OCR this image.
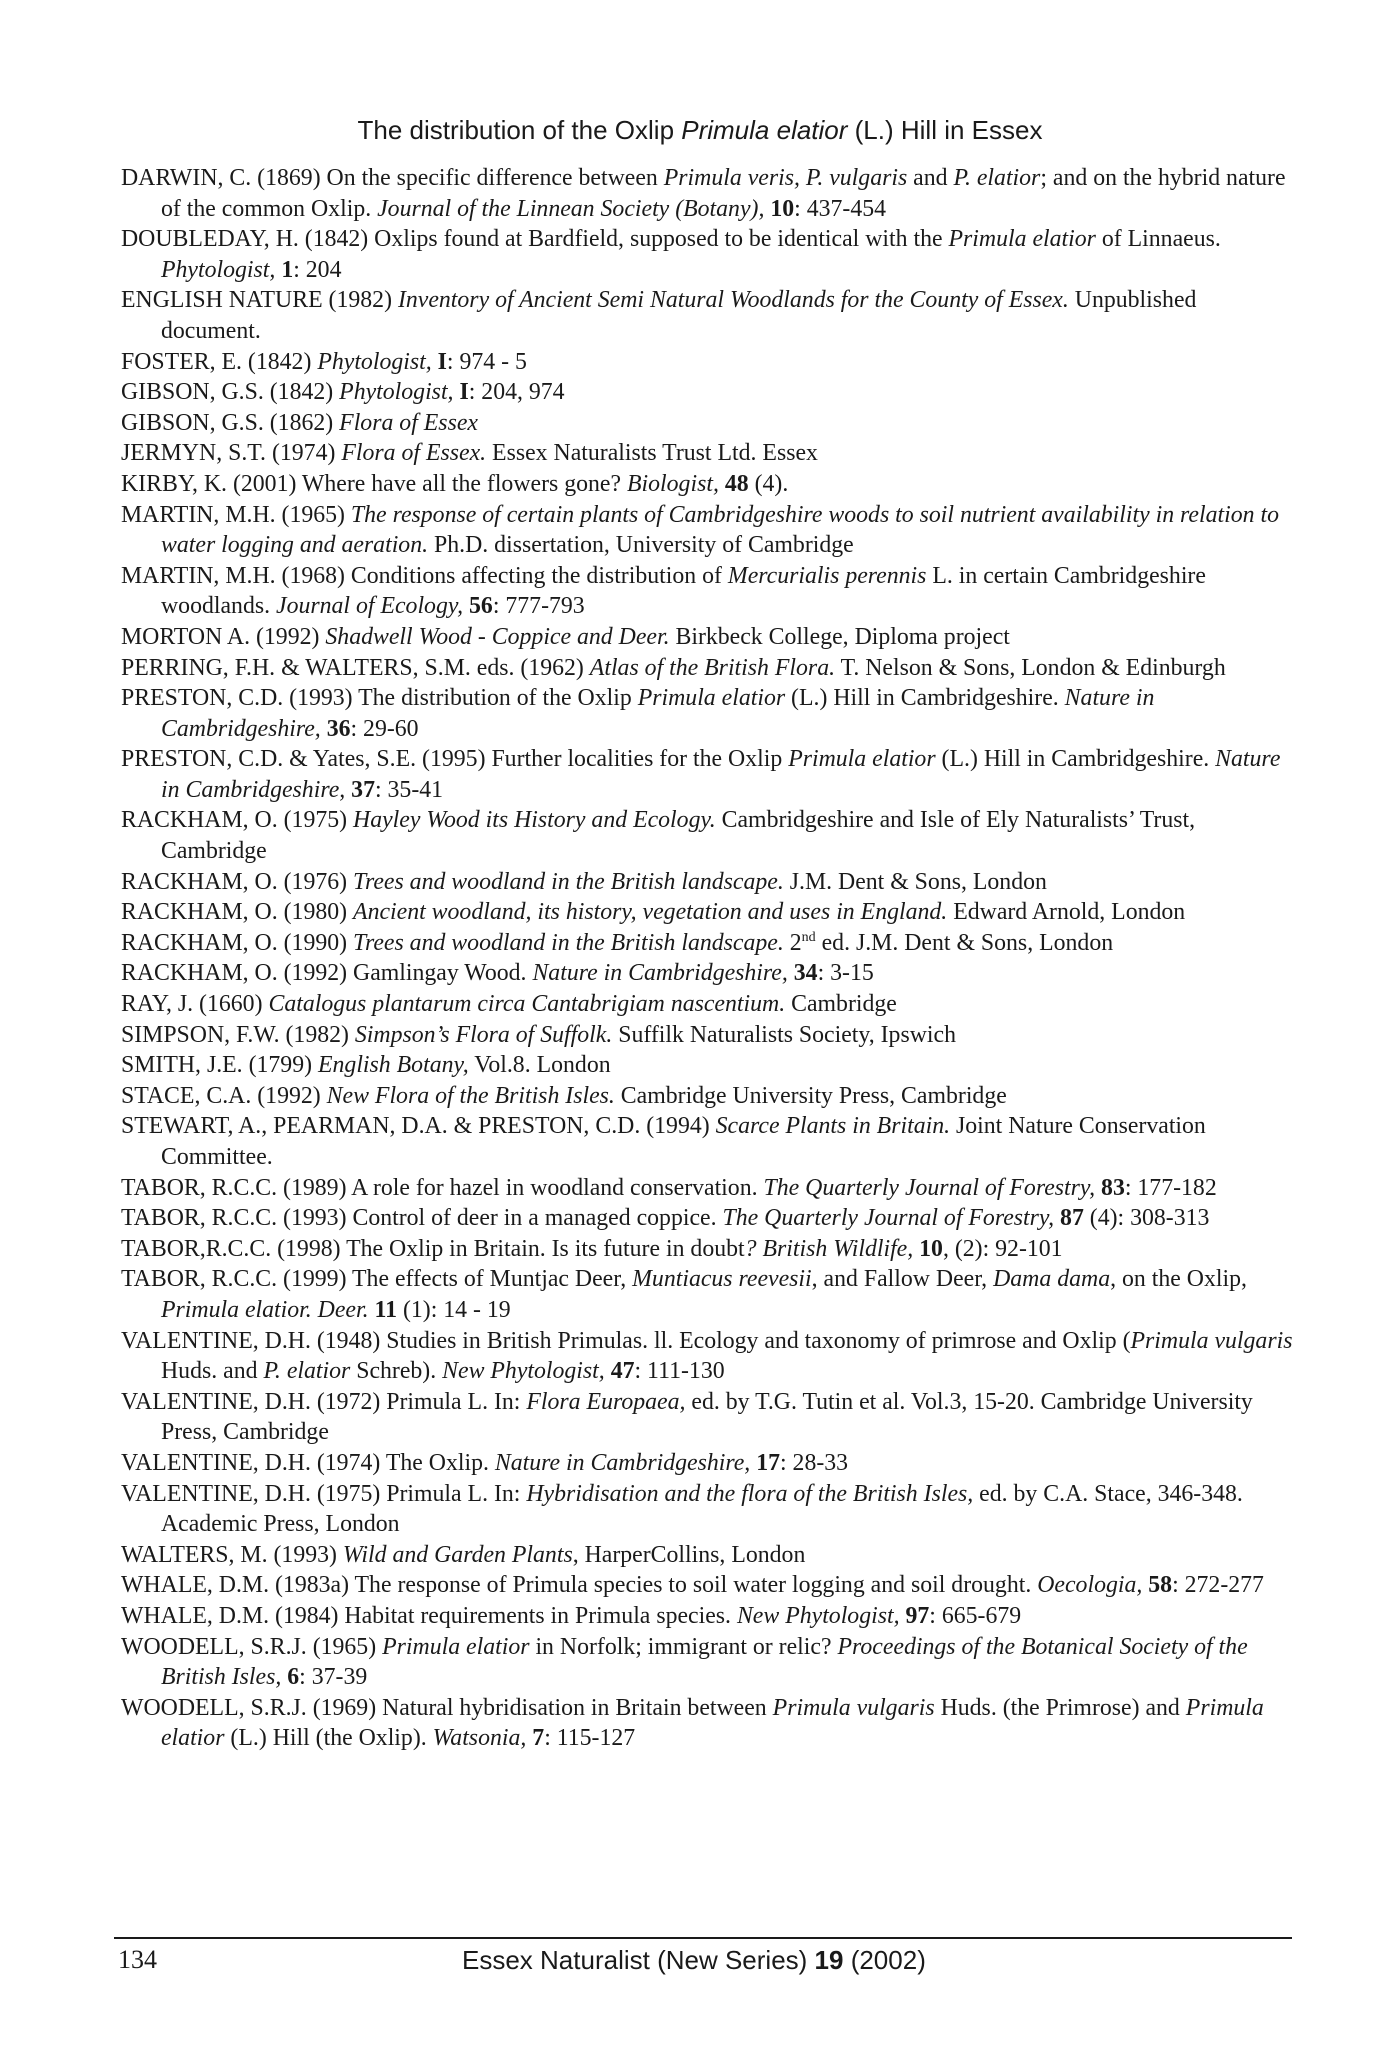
The distribution of the Oxlip Primula elatior (L.) Hill in Essex

DARWIN, C. (1869) On the specific difference between Primula veris, P. vulgaris and P. elatior; and on the hybrid nature of the common Oxlip. Journal of the Linnean Society (Botany), 10: 437-454

DOUBLEDAY, H. (1842) Oxlips found at Bardfield, supposed to be identical with the Primula elatior of Linnaeus. Phytologist, 1: 204

ENGLISH NATURE (1982) Inventory of Ancient Semi Natural Woodlands for the County of Essex. Unpublished document.

FOSTER, E. (1842) Phytologist, I: 974 - 5

GIBSON, G.S. (1842) Phytologist, I: 204, 974

GIBSON, G.S. (1862) Flora of Essex

JERMYN, S.T. (1974) Flora of Essex. Essex Naturalists Trust Ltd. Essex

KIRBY, K. (2001) Where have all the flowers gone? Biologist, 48 (4).

MARTIN, M.H. (1965) The response of certain plants of Cambridgeshire woods to soil nutrient availability in relation to water logging and aeration. Ph.D. dissertation, University of Cambridge

MARTIN, M.H. (1968) Conditions affecting the distribution of Mercurialis perennis L. in certain Cambridgeshire woodlands. Journal of Ecology, 56: 777-793

MORTON A. (1992) Shadwell Wood - Coppice and Deer. Birkbeck College, Diploma project

PERRING, F.H. & WALTERS, S.M. eds. (1962) Atlas of the British Flora. T. Nelson & Sons, London & Edinburgh

PRESTON, C.D. (1993) The distribution of the Oxlip Primula elatior (L.) Hill in Cambridgeshire. Nature in Cambridgeshire, 36: 29-60

PRESTON, C.D. & Yates, S.E. (1995) Further localities for the Oxlip Primula elatior (L.) Hill in Cambridgeshire. Nature in Cambridgeshire, 37: 35-41

RACKHAM, O. (1975) Hayley Wood its History and Ecology. Cambridgeshire and Isle of Ely Naturalists’ Trust, Cambridge

RACKHAM, O. (1976) Trees and woodland in the British landscape. J.M. Dent & Sons, London

RACKHAM, O. (1980) Ancient woodland, its history, vegetation and uses in England. Edward Arnold, London

RACKHAM, O. (1990) Trees and woodland in the British landscape. 2nd ed. J.M. Dent & Sons, London

RACKHAM, O. (1992) Gamlingay Wood. Nature in Cambridgeshire, 34: 3-15

RAY, J. (1660) Catalogus plantarum circa Cantabrigiam nascentium. Cambridge

SIMPSON, F.W. (1982) Simpson’s Flora of Suffolk. Suffilk Naturalists Society, Ipswich

SMITH, J.E. (1799) English Botany, Vol.8. London

STACE, C.A. (1992) New Flora of the British Isles. Cambridge University Press, Cambridge

STEWART, A., PEARMAN, D.A. & PRESTON, C.D. (1994) Scarce Plants in Britain. Joint Nature Conservation Committee.

TABOR, R.C.C. (1989) A role for hazel in woodland conservation. The Quarterly Journal of Forestry, 83: 177-182

TABOR, R.C.C. (1993) Control of deer in a managed coppice. The Quarterly Journal of Forestry, 87 (4): 308-313

TABOR,R.C.C. (1998) The Oxlip in Britain. Is its future in doubt? British Wildlife, 10, (2): 92-101

TABOR, R.C.C. (1999) The effects of Muntjac Deer, Muntiacus reevesii, and Fallow Deer, Dama dama, on the Oxlip, Primula elatior. Deer. 11 (1): 14 - 19

VALENTINE, D.H. (1948) Studies in British Primulas. ll. Ecology and taxonomy of primrose and Oxlip (Primula vulgaris Huds. and P. elatior Schreb). New Phytologist, 47: 111-130

VALENTINE, D.H. (1972) Primula L. In: Flora Europaea, ed. by T.G. Tutin et al. Vol.3, 15-20. Cambridge University Press, Cambridge

VALENTINE, D.H. (1974) The Oxlip. Nature in Cambridgeshire, 17: 28-33

VALENTINE, D.H. (1975) Primula L. In: Hybridisation and the flora of the British Isles, ed. by C.A. Stace, 346-348. Academic Press, London

WALTERS, M. (1993) Wild and Garden Plants, HarperCollins, London

WHALE, D.M. (1983a) The response of Primula species to soil water logging and soil drought. Oecologia, 58: 272-277

WHALE, D.M. (1984) Habitat requirements in Primula species. New Phytologist, 97: 665-679

WOODELL, S.R.J. (1965) Primula elatior in Norfolk; immigrant or relic? Proceedings of the Botanical Society of the British Isles, 6: 37-39

WOODELL, S.R.J. (1969) Natural hybridisation in Britain between Primula vulgaris Huds. (the Primrose) and Primula elatior (L.) Hill (the Oxlip). Watsonia, 7: 115-127

134	Essex Naturalist (New Series) 19 (2002)
